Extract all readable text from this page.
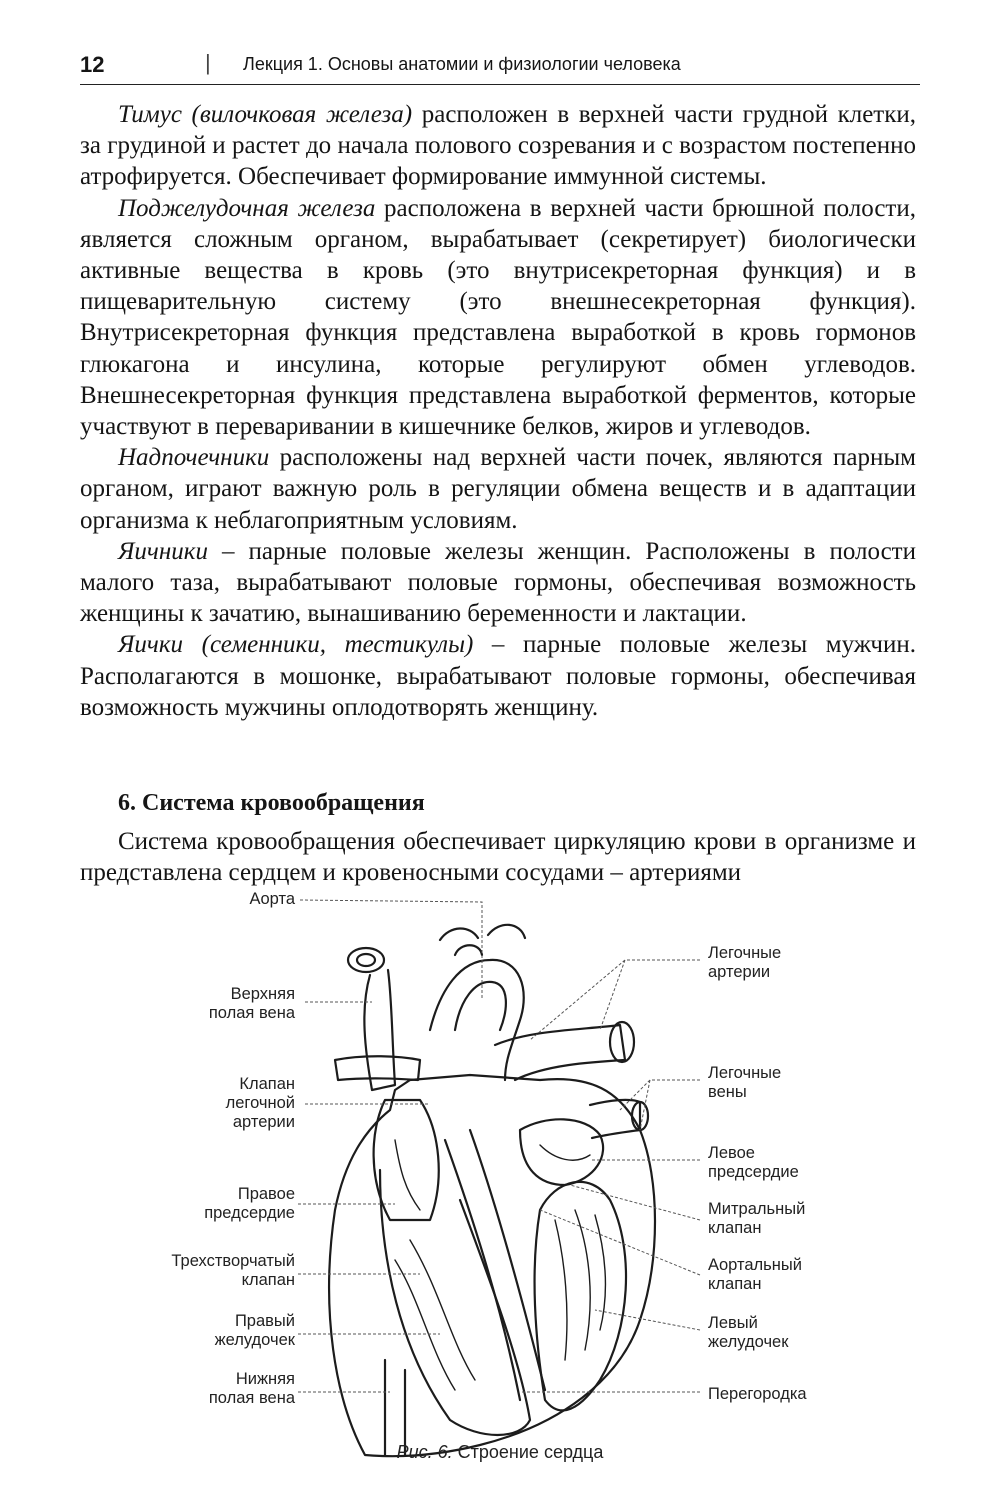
12	| Лекция 1. Основы анатомии и физиологии человека

Тимус (вилочковая железа) расположен в верхней части грудной клетки, за грудиной и растет до начала полового созревания и с возрастом постепенно атрофируется. Обеспечивает формирование иммунной системы.

Поджелудочная железа расположена в верхней части брюшной полости, является сложным органом, вырабатывает (секретирует) биологически активные вещества в кровь (это внутрисекреторная функция) и в пищеварительную систему (это внешнесекреторная функция). Внутрисекреторная функция представлена выработкой в кровь гормонов глюкагона и инсулина, которые регулируют обмен углеводов. Внешнесекреторная функция представлена выработкой ферментов, которые участвуют в переваривании в кишечнике белков, жиров и углеводов.

Надпочечники расположены над верхней части почек, являются парным органом, играют важную роль в регуляции обмена веществ и в адаптации организма к неблагоприятным условиям.

Яичники – парные половые железы женщин. Расположены в полости малого таза, вырабатывают половые гормоны, обеспечивая возможность женщины к зачатию, вынашиванию беременности и лактации.

Яички (семенники, тестикулы) – парные половые железы мужчин. Располагаются в мошонке, вырабатывают половые гормоны, обеспечивая возможность мужчины оплодотворять женщину.

6. Система кровообращения

Система кровообращения обеспечивает циркуляцию крови в организме и представлена сердцем и кровеносными сосудами – артериями

Аорта
Верхняя
полая вена
Клапан
легочной
артерии
Правое
предсердие
Трехстворчатый
клапан
Правый
желудочек
Нижняя
полая вена
Легочные
артерии
Легочные
вены
Левое
предсердие
Митральный
клапан
Аортальный
клапан
Левый
желудочек
Перегородка
Рис. 6. Строение сердца
